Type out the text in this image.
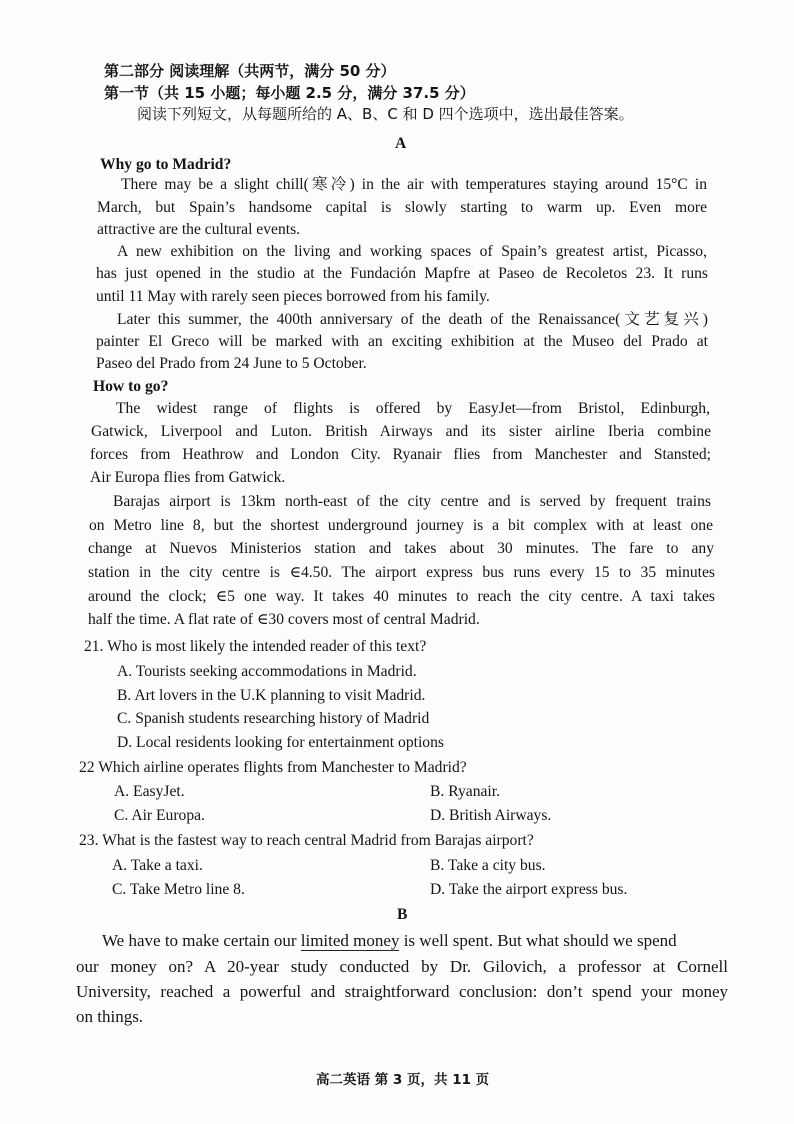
第二部分 阅读理解（共两节，满分 50 分）
第一节（共 15 小题；每小题 2.5 分，满分 37.5 分）
阅读下列短文，从每题所给的 A、B、C 和 D 四个选项中，选出最佳答案。
A
Why go to Madrid?
There may be a slight chill(寒冷) in the air with temperatures staying around 15°C in
March, but Spain’s handsome capital is slowly starting to warm up. Even more
attractive are the cultural events.
A new exhibition on the living and working spaces of Spain’s greatest artist, Picasso,
has just opened in the studio at the Fundación Mapfre at Paseo de Recoletos 23. It runs
until 11 May with rarely seen pieces borrowed from his family.
Later this summer, the 400th anniversary of the death of the Renaissance(文艺复兴)
painter El Greco will be marked with an exciting exhibition at the Museo del Prado at
Paseo del Prado from 24 June to 5 October.
How to go?
The widest range of flights is offered by EasyJet—from Bristol, Edinburgh,
Gatwick, Liverpool and Luton. British Airways and its sister airline Iberia combine
forces from Heathrow and London City. Ryanair flies from Manchester and Stansted;
Air Europa flies from Gatwick.
Barajas airport is 13km north-east of the city centre and is served by frequent trains
on Metro line 8, but the shortest underground journey is a bit complex with at least one
change at Nuevos Ministerios station and takes about 30 minutes. The fare to any
station in the city centre is ∈4.50. The airport express bus runs every 15 to 35 minutes
around the clock; ∈5 one way. It takes 40 minutes to reach the city centre. A taxi takes
half the time. A flat rate of ∈30 covers most of central Madrid.
21. Who is most likely the intended reader of this text?
A. Tourists seeking accommodations in Madrid.
B. Art lovers in the U.K planning to visit Madrid.
C. Spanish students researching history of Madrid
D. Local residents looking for entertainment options
22 Which airline operates flights from Manchester to Madrid?
A. EasyJet.	B. Ryanair.
C. Air Europa.	D. British Airways.
23. What is the fastest way to reach central Madrid from Barajas airport?
A. Take a taxi.	B. Take a city bus.
C. Take Metro line 8.	D. Take the airport express bus.
B
We have to make certain our limited money is well spent. But what should we spend
our money on? A 20-year study conducted by Dr. Gilovich, a professor at Cornell
University, reached a powerful and straightforward conclusion: don’t spend your money
on things.
高二英语 第 3 页，共 11 页
